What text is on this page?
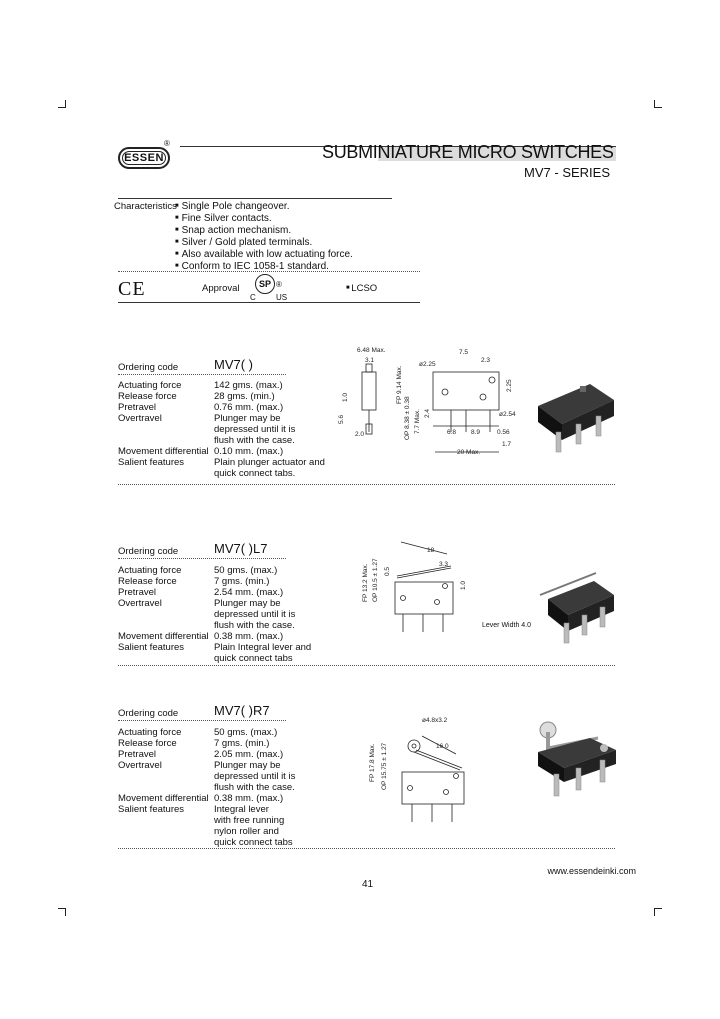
ESSEN
®	SUBMINIATURE MICRO SWITCHES
MV7 - SERIES
Characteristics
■ Single Pole changeover.
■ Fine Silver contacts.
■ Snap action mechanism.
■ Silver / Gold plated terminals.
■ Also available with low actuating force.
■ Conform to IEC 1058-1 standard.
CE	Approval	SP ®
C	US
■ LCSO
Ordering code	MV7( )
Actuating force	142 gms. (max.)
Release force	28 gms. (min.)
Pretravel	0.76 mm. (max.)
Overtravel	Plunger may be
depressed until it is
flush with the case.
Movement differential 0.10 mm. (max.)
Salient features	Plain plunger actuator and
quick connect tabs.
6.48 Max.
3.1
1.0
5.6
2.0
7.5
2.3
ø2.25
FP 9.14 Max.	2.25
OP 8.38 ± 0.38 7.7 Max. 2.4	ø2.54
6.8 8.9	0.56
1.7
20 Max.
Ordering code	MV7( )L7
Actuating force	50 gms. (max.)
Release force	7 gms. (min.)
Pretravel	2.54 mm. (max.)
Overtravel	Plunger may be
depressed until it is
flush with the case.
Movement differential 0.38 mm. (max.)
Salient features	Plain Integral lever and
quick connect tabs
18
3.3
FP 13.2 Max. OP 10.5 ± 1.27 0.5
1.0
Lever Width 4.0
Ordering code	MV7( )R7
Actuating force	50 gms. (max.)
Release force	7 gms. (min.)
Pretravel	2.05 mm. (max.)
Overtravel	Plunger may be
depressed until it is
flush with the case.
Movement differential 0.38 mm. (max.)
Salient features	Integral lever
with free running
nylon roller and
quick connect tabs
ø4.8x3.2
16.0
FP 17.8 Max. OP 15.75 ± 1.27
www.essendeinki.com
41
